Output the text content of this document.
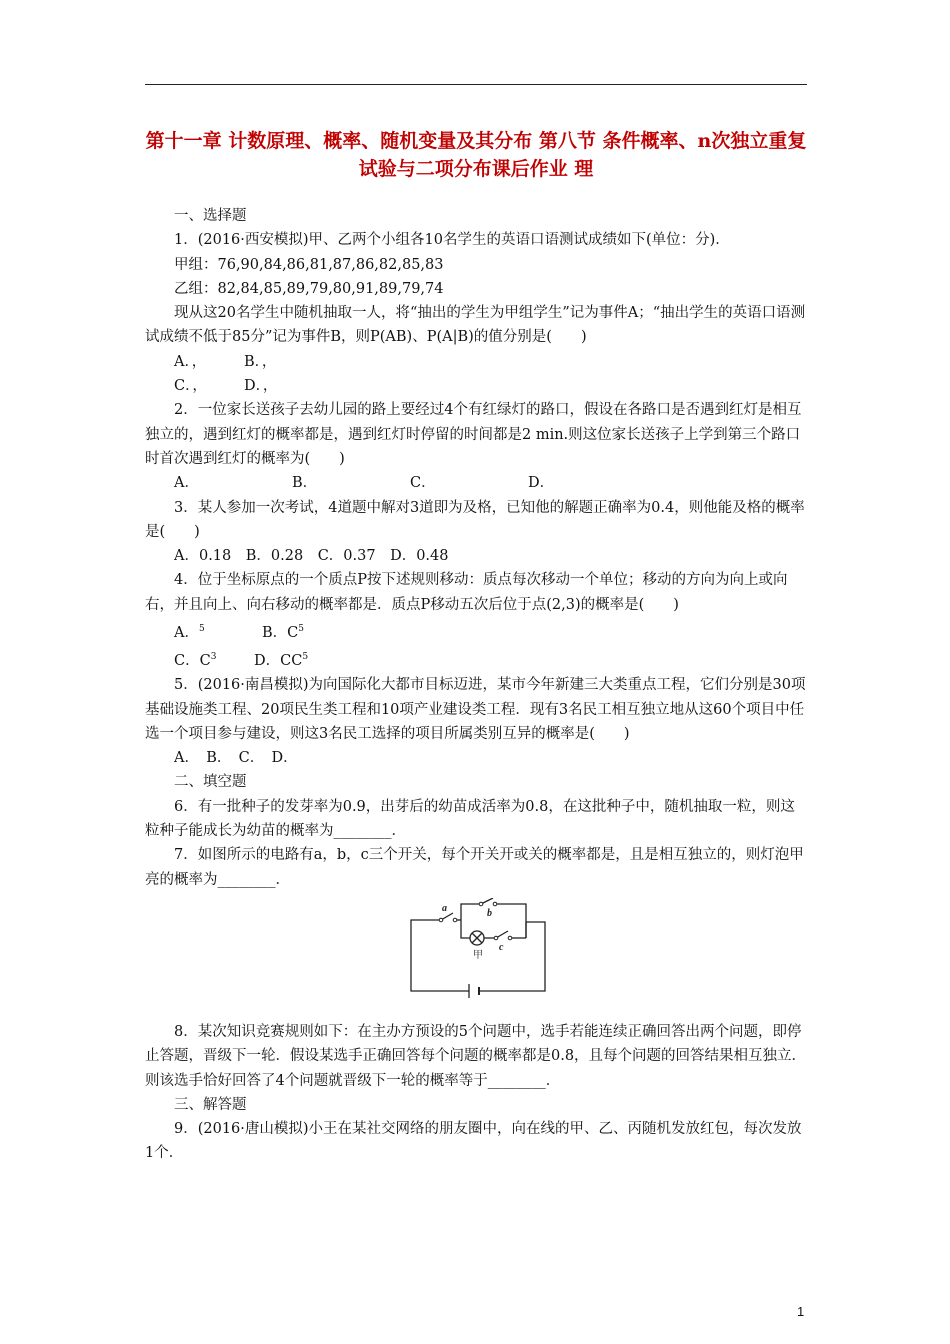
第十一章 计数原理、概率、随机变量及其分布 第八节 条件概率、n次独立重复试验与二项分布课后作业 理

一、选择题

1．(2016·西安模拟)甲、乙两个小组各10名学生的英语口语测试成绩如下(单位：分)．

甲组：76,90,84,86,81,87,86,82,85,83

乙组：82,84,85,89,79,80,91,89,79,74

现从这20名学生中随机抽取一人，将“抽出的学生为甲组学生”记为事件A；“抽出学生的英语口语测试成绩不低于85分”记为事件B，则P(AB)、P(A|B)的值分别是(　　)

A．，	B．，

C．，	D．，

2．一位家长送孩子去幼儿园的路上要经过4个有红绿灯的路口，假设在各路口是否遇到红灯是相互独立的，遇到红灯的概率都是，遇到红灯时停留的时间都是2 min.则这位家长送孩子上学到第三个路口时首次遇到红灯的概率为(　　)

A．	B．	C．	D．

3．某人参加一次考试，4道题中解对3道即为及格，已知他的解题正确率为0.4，则他能及格的概率是(　　)

A．0.18　B．0.28　C．0.37　D．0.48

4．位于坐标原点的一个质点P按下述规则移动：质点每次移动一个单位；移动的方向为向上或向右，并且向上、向右移动的概率都是．质点P移动五次后位于点(2,3)的概率是(　　)

A．$^5$	B．$C^5$

C．$C^3$	D．$CC^5$

5．(2016·南昌模拟)为向国际化大都市目标迈进，某市今年新建三大类重点工程，它们分别是30项基础设施类工程、20项民生类工程和10项产业建设类工程．现有3名民工相互独立地从这60个项目中任选一个项目参与建设，则这3名民工选择的项目所属类别互异的概率是(　　)

A．　B．　C．　D．

二、填空题

6．有一批种子的发芽率为0.9，出芽后的幼苗成活率为0.8，在这批种子中，随机抽取一粒，则这粒种子能成长为幼苗的概率为________．

7．如图所示的电路有a，b，c三个开关，每个开关开或关的概率都是，且是相互独立的，则灯泡甲亮的概率为________．

a	b
c
甲

8．某次知识竞赛规则如下：在主办方预设的5个问题中，选手若能连续正确回答出两个问题，即停止答题，晋级下一轮．假设某选手正确回答每个问题的概率都是0.8，且每个问题的回答结果相互独立．则该选手恰好回答了4个问题就晋级下一轮的概率等于________．

三、解答题

9．(2016·唐山模拟)小王在某社交网络的朋友圈中，向在线的甲、乙、丙随机发放红包，每次发放1个．

1
